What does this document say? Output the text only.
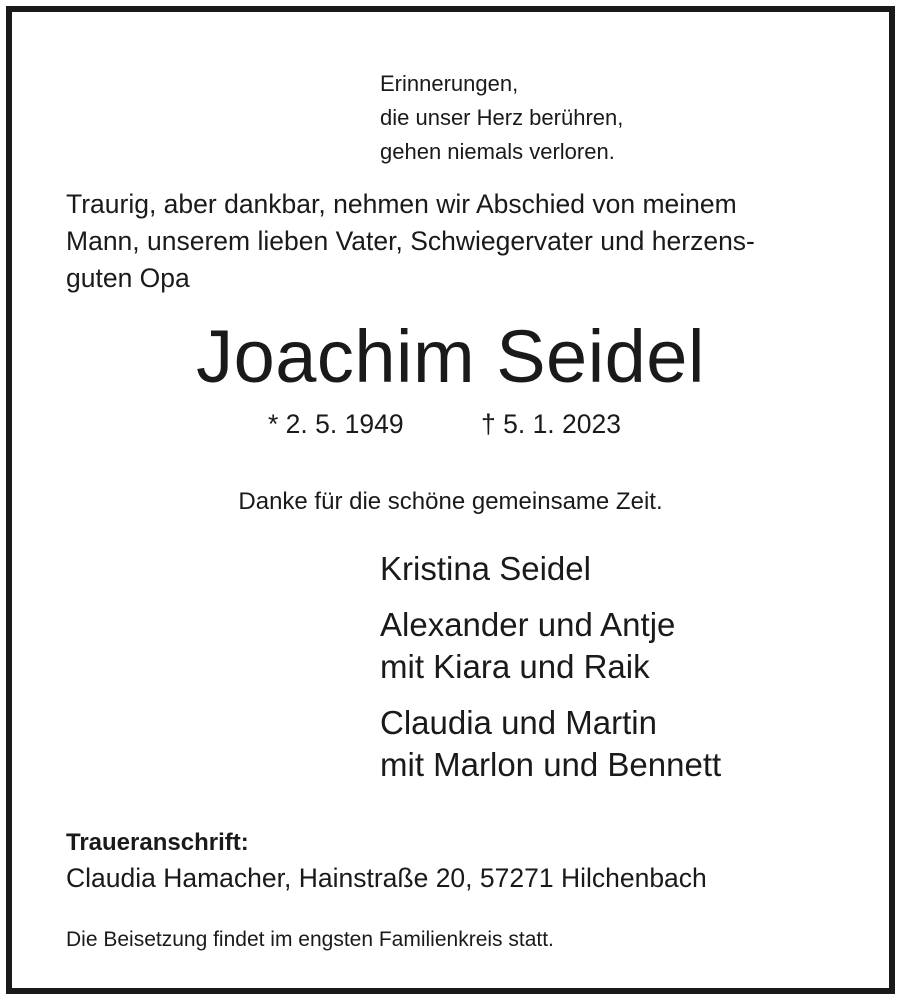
Erinnerungen,
die unser Herz berühren,
gehen niemals verloren.
Traurig, aber dankbar, nehmen wir Abschied von meinem
Mann, unserem lieben Vater, Schwiegervater und herzens-
guten Opa
Joachim Seidel
* 2. 5. 1949	† 5. 1. 2023
Danke für die schöne gemeinsame Zeit.
Kristina Seidel
Alexander und Antje
mit Kiara und Raik
Claudia und Martin
mit Marlon und Bennett
Traueranschrift:
Claudia Hamacher, Hainstraße 20, 57271 Hilchenbach
Die Beisetzung findet im engsten Familienkreis statt.
